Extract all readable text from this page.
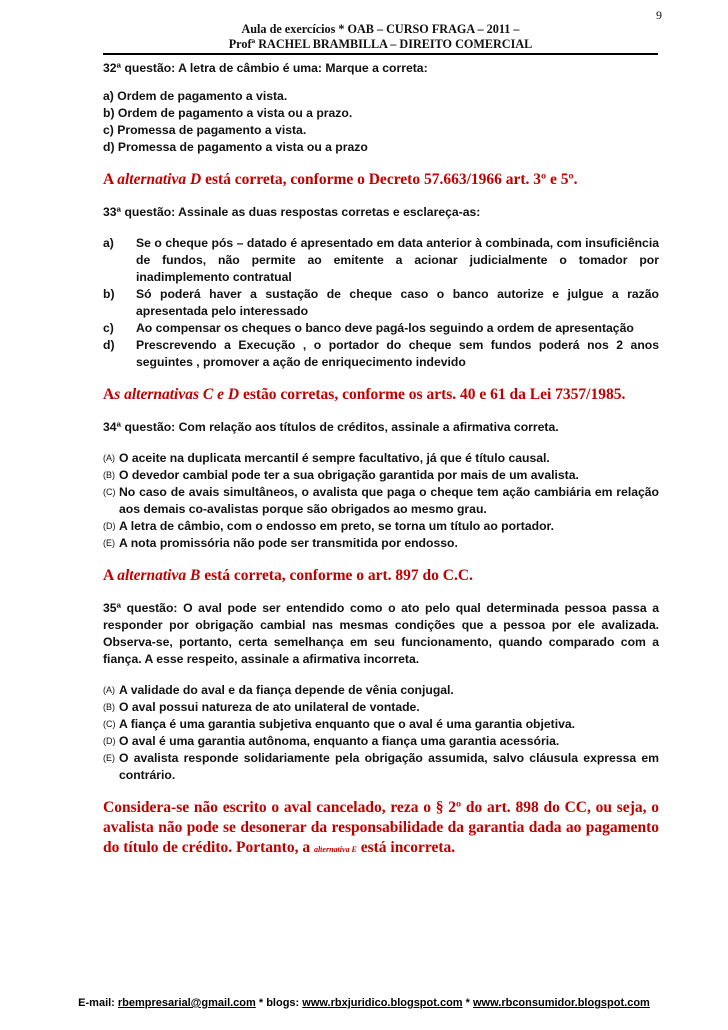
9
Aula de exercícios * OAB – CURSO FRAGA – 2011 –
Profª RACHEL BRAMBILLA – DIREITO COMERCIAL

32ª questão: A letra de câmbio é uma: Marque a correta:

a) Ordem de pagamento a vista.

b) Ordem de pagamento a vista ou a prazo.

c) Promessa de pagamento a vista.

d) Promessa de pagamento a vista ou a prazo

A alternativa D está correta, conforme o Decreto 57.663/1966 art. 3º e 5º.

33ª questão: Assinale as duas respostas corretas e esclareça-as:

a)	Se o cheque pós – datado é apresentado em data anterior à combinada, com insuficiência de fundos, não permite ao emitente a acionar judicialmente o tomador por inadimplemento contratual
b)	Só poderá haver a sustação de cheque caso o banco autorize e julgue a razão apresentada pelo interessado
c)	Ao compensar os cheques o banco deve pagá-los seguindo a ordem de apresentação
d)	Prescrevendo a Execução , o portador do cheque sem fundos poderá nos 2 anos seguintes , promover a ação de enriquecimento indevido

As alternativas C e D estão corretas, conforme os arts. 40 e 61 da Lei 7357/1985.

34ª questão: Com relação aos títulos de créditos, assinale a afirmativa correta.

(A) O aceite na duplicata mercantil é sempre facultativo, já que é título causal.
(B) O devedor cambial pode ter a sua obrigação garantida por mais de um avalista.
(C) No caso de avais simultâneos, o avalista que paga o cheque tem ação cambiária em relação aos demais co-avalistas porque são obrigados ao mesmo grau.
(D) A letra de câmbio, com o endosso em preto, se torna um título ao portador.
(E) A nota promissória não pode ser transmitida por endosso.

A alternativa B está correta, conforme o art. 897 do C.C.

35ª questão: O aval pode ser entendido como o ato pelo qual determinada pessoa passa a responder por obrigação cambial nas mesmas condições que a pessoa por ele avalizada. Observa-se, portanto, certa semelhança em seu funcionamento, quando comparado com a fiança. A esse respeito, assinale a afirmativa incorreta.

(A) A validade do aval e da fiança depende de vênia conjugal.
(B) O aval possui natureza de ato unilateral de vontade.
(C) A fiança é uma garantia subjetiva enquanto que o aval é uma garantia objetiva.
(D) O aval é uma garantia autônoma, enquanto a fiança uma garantia acessória.
(E) O avalista responde solidariamente pela obrigação assumida, salvo cláusula expressa em contrário.

Considera-se não escrito o aval cancelado, reza o § 2º do art. 898 do CC, ou seja, o avalista não pode se desonerar da responsabilidade da garantia dada ao pagamento do título de crédito. Portanto, a alternativa E está incorreta.

E-mail: rbempresarial@gmail.com * blogs: www.rbxjuridico.blogspot.com * www.rbconsumidor.blogspot.com
